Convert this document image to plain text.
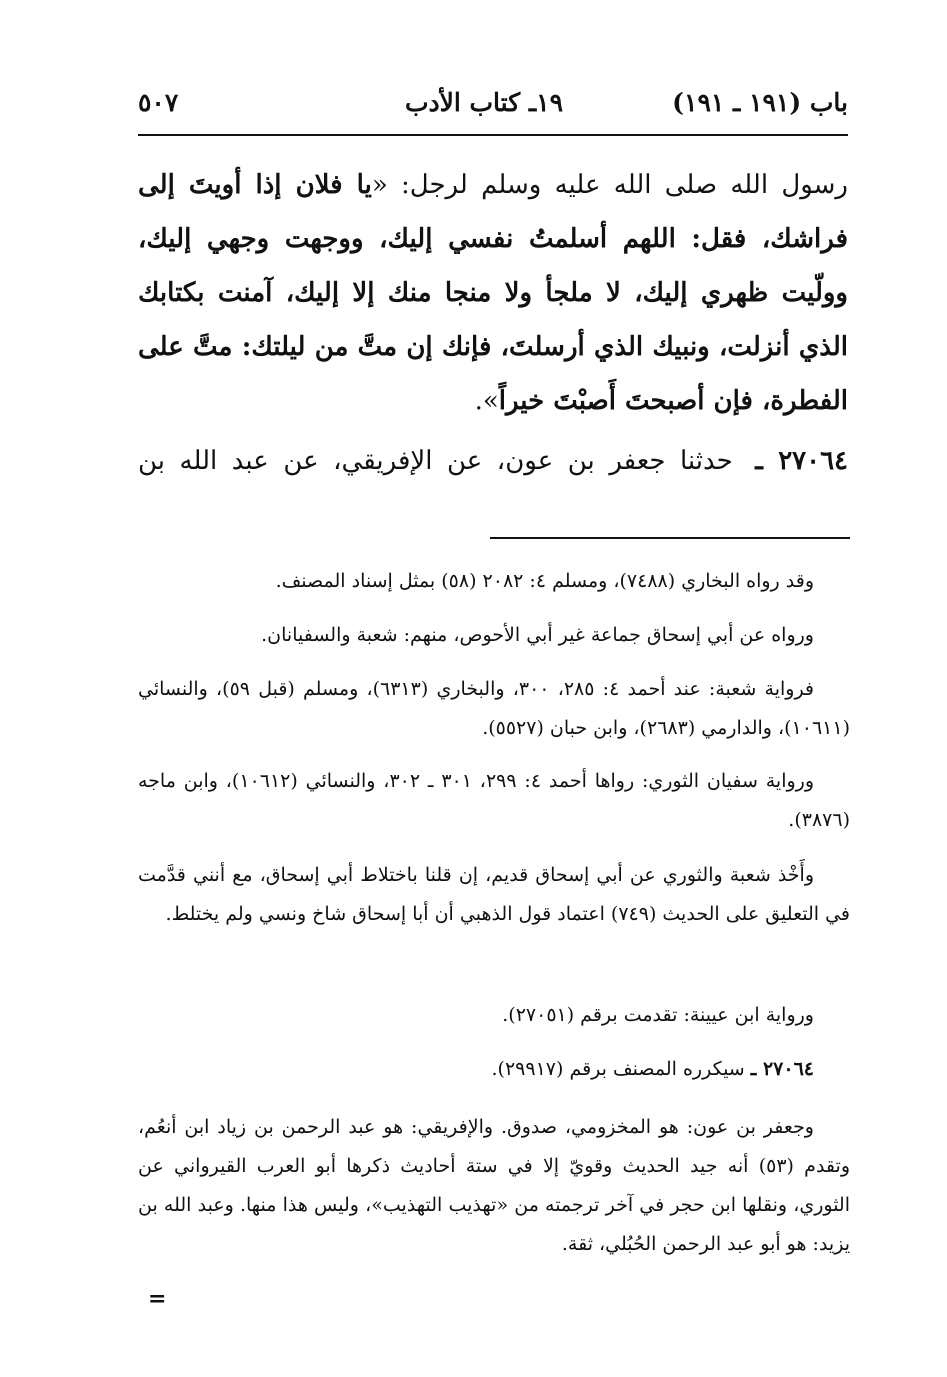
باب (١٩١ ـ ١٩١)
١٩ـ كتاب الأدب
٥٠٧

رسول الله صلى الله عليه وسلم لرجل: «يا فلان إذا أويتَ إلى فراشك، فقل: اللهم أسلمتُ نفسي إليك، ووجهت وجهي إليك، وولّيت ظهري إليك، لا ملجأ ولا منجا منك إلا إليك، آمنت بكتابك الذي أنزلت، ونبيك الذي أرسلتَ، فإنك إن متَّ من ليلتك: متَّ على الفطرة، فإن أصبحتَ أَصبْتَ خيراً».

٢٧٠٦٤ ـ حدثنا جعفر بن عون، عن الإفريقي، عن عبد الله بن

وقد رواه البخاري (٧٤٨٨)، ومسلم ٤: ٢٠٨٢ (٥٨) بمثل إسناد المصنف.

ورواه عن أبي إسحاق جماعة غير أبي الأحوص، منهم: شعبة والسفيانان.

فرواية شعبة: عند أحمد ٤: ٢٨٥، ٣٠٠، والبخاري (٦٣١٣)، ومسلم (قبل ٥٩)، والنسائي (١٠٦١١)، والدارمي (٢٦٨٣)، وابن حبان (٥٥٢٧).

ورواية سفيان الثوري: رواها أحمد ٤: ٢٩٩، ٣٠١ ـ ٣٠٢، والنسائي (١٠٦١٢)، وابن ماجه (٣٨٧٦).

وأَخْذ شعبة والثوري عن أبي إسحاق قديم، إن قلنا باختلاط أبي إسحاق، مع أنني قدَّمت في التعليق على الحديث (٧٤٩) اعتماد قول الذهبي أن أبا إسحاق شاخ ونسي ولم يختلط.

ورواية ابن عيينة: تقدمت برقم (٢٧٠٥١).

٢٧٠٦٤ ـ سيكرره المصنف برقم (٢٩٩١٧).

وجعفر بن عون: هو المخزومي، صدوق. والإفريقي: هو عبد الرحمن بن زياد ابن أنعُم، وتقدم (٥٣) أنه جيد الحديث وقويّ إلا في ستة أحاديث ذكرها أبو العرب القيرواني عن الثوري، ونقلها ابن حجر في آخر ترجمته من «تهذيب التهذيب»، وليس هذا منها. وعبد الله بن يزيد: هو أبو عبد الرحمن الحُبُلي، ثقة.

=
